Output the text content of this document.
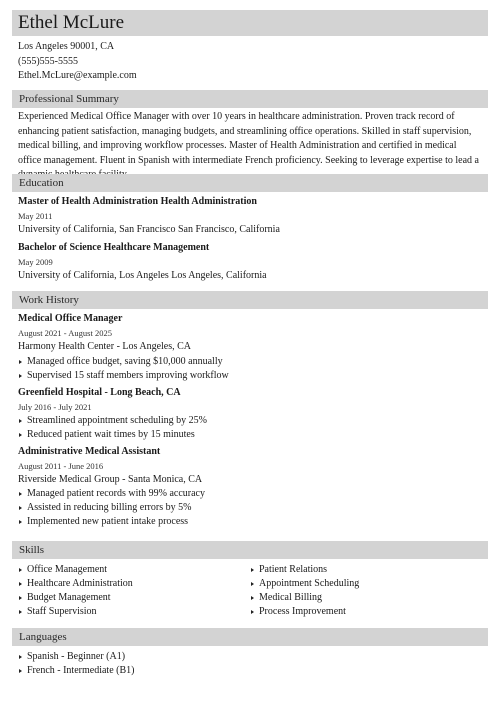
Ethel McLure
Los Angeles 90001, CA
(555)555-5555
Ethel.McLure@example.com
Professional Summary
Experienced Medical Office Manager with over 10 years in healthcare administration. Proven track record of enhancing patient satisfaction, managing budgets, and streamlining office operations. Skilled in staff supervision, medical billing, and improving workflow processes. Master of Health Administration and certified in medical office management. Fluent in Spanish with intermediate French proficiency. Seeking to leverage expertise to lead a
Education
Master of Health Administration Health Administration
May 2011
University of California, San Francisco San Francisco, California
Bachelor of Science Healthcare Management
May 2009
University of California, Los Angeles Los Angeles, California
Work History
Medical Office Manager
August 2021 - August 2025
Harmony Health Center - Los Angeles, CA
Managed office budget, saving $10,000 annually
Supervised 15 staff members improving workflow
Greenfield Hospital - Long Beach, CA
July 2016 - July 2021
Streamlined appointment scheduling by 25%
Reduced patient wait times by 15 minutes
Administrative Medical Assistant
August 2011 - June 2016
Riverside Medical Group - Santa Monica, CA
Managed patient records with 99% accuracy
Assisted in reducing billing errors by 5%
Implemented new patient intake process
Skills
Office Management
Healthcare Administration
Budget Management
Staff Supervision
Patient Relations
Appointment Scheduling
Medical Billing
Process Improvement
Languages
Spanish - Beginner (A1)
French - Intermediate (B1)
